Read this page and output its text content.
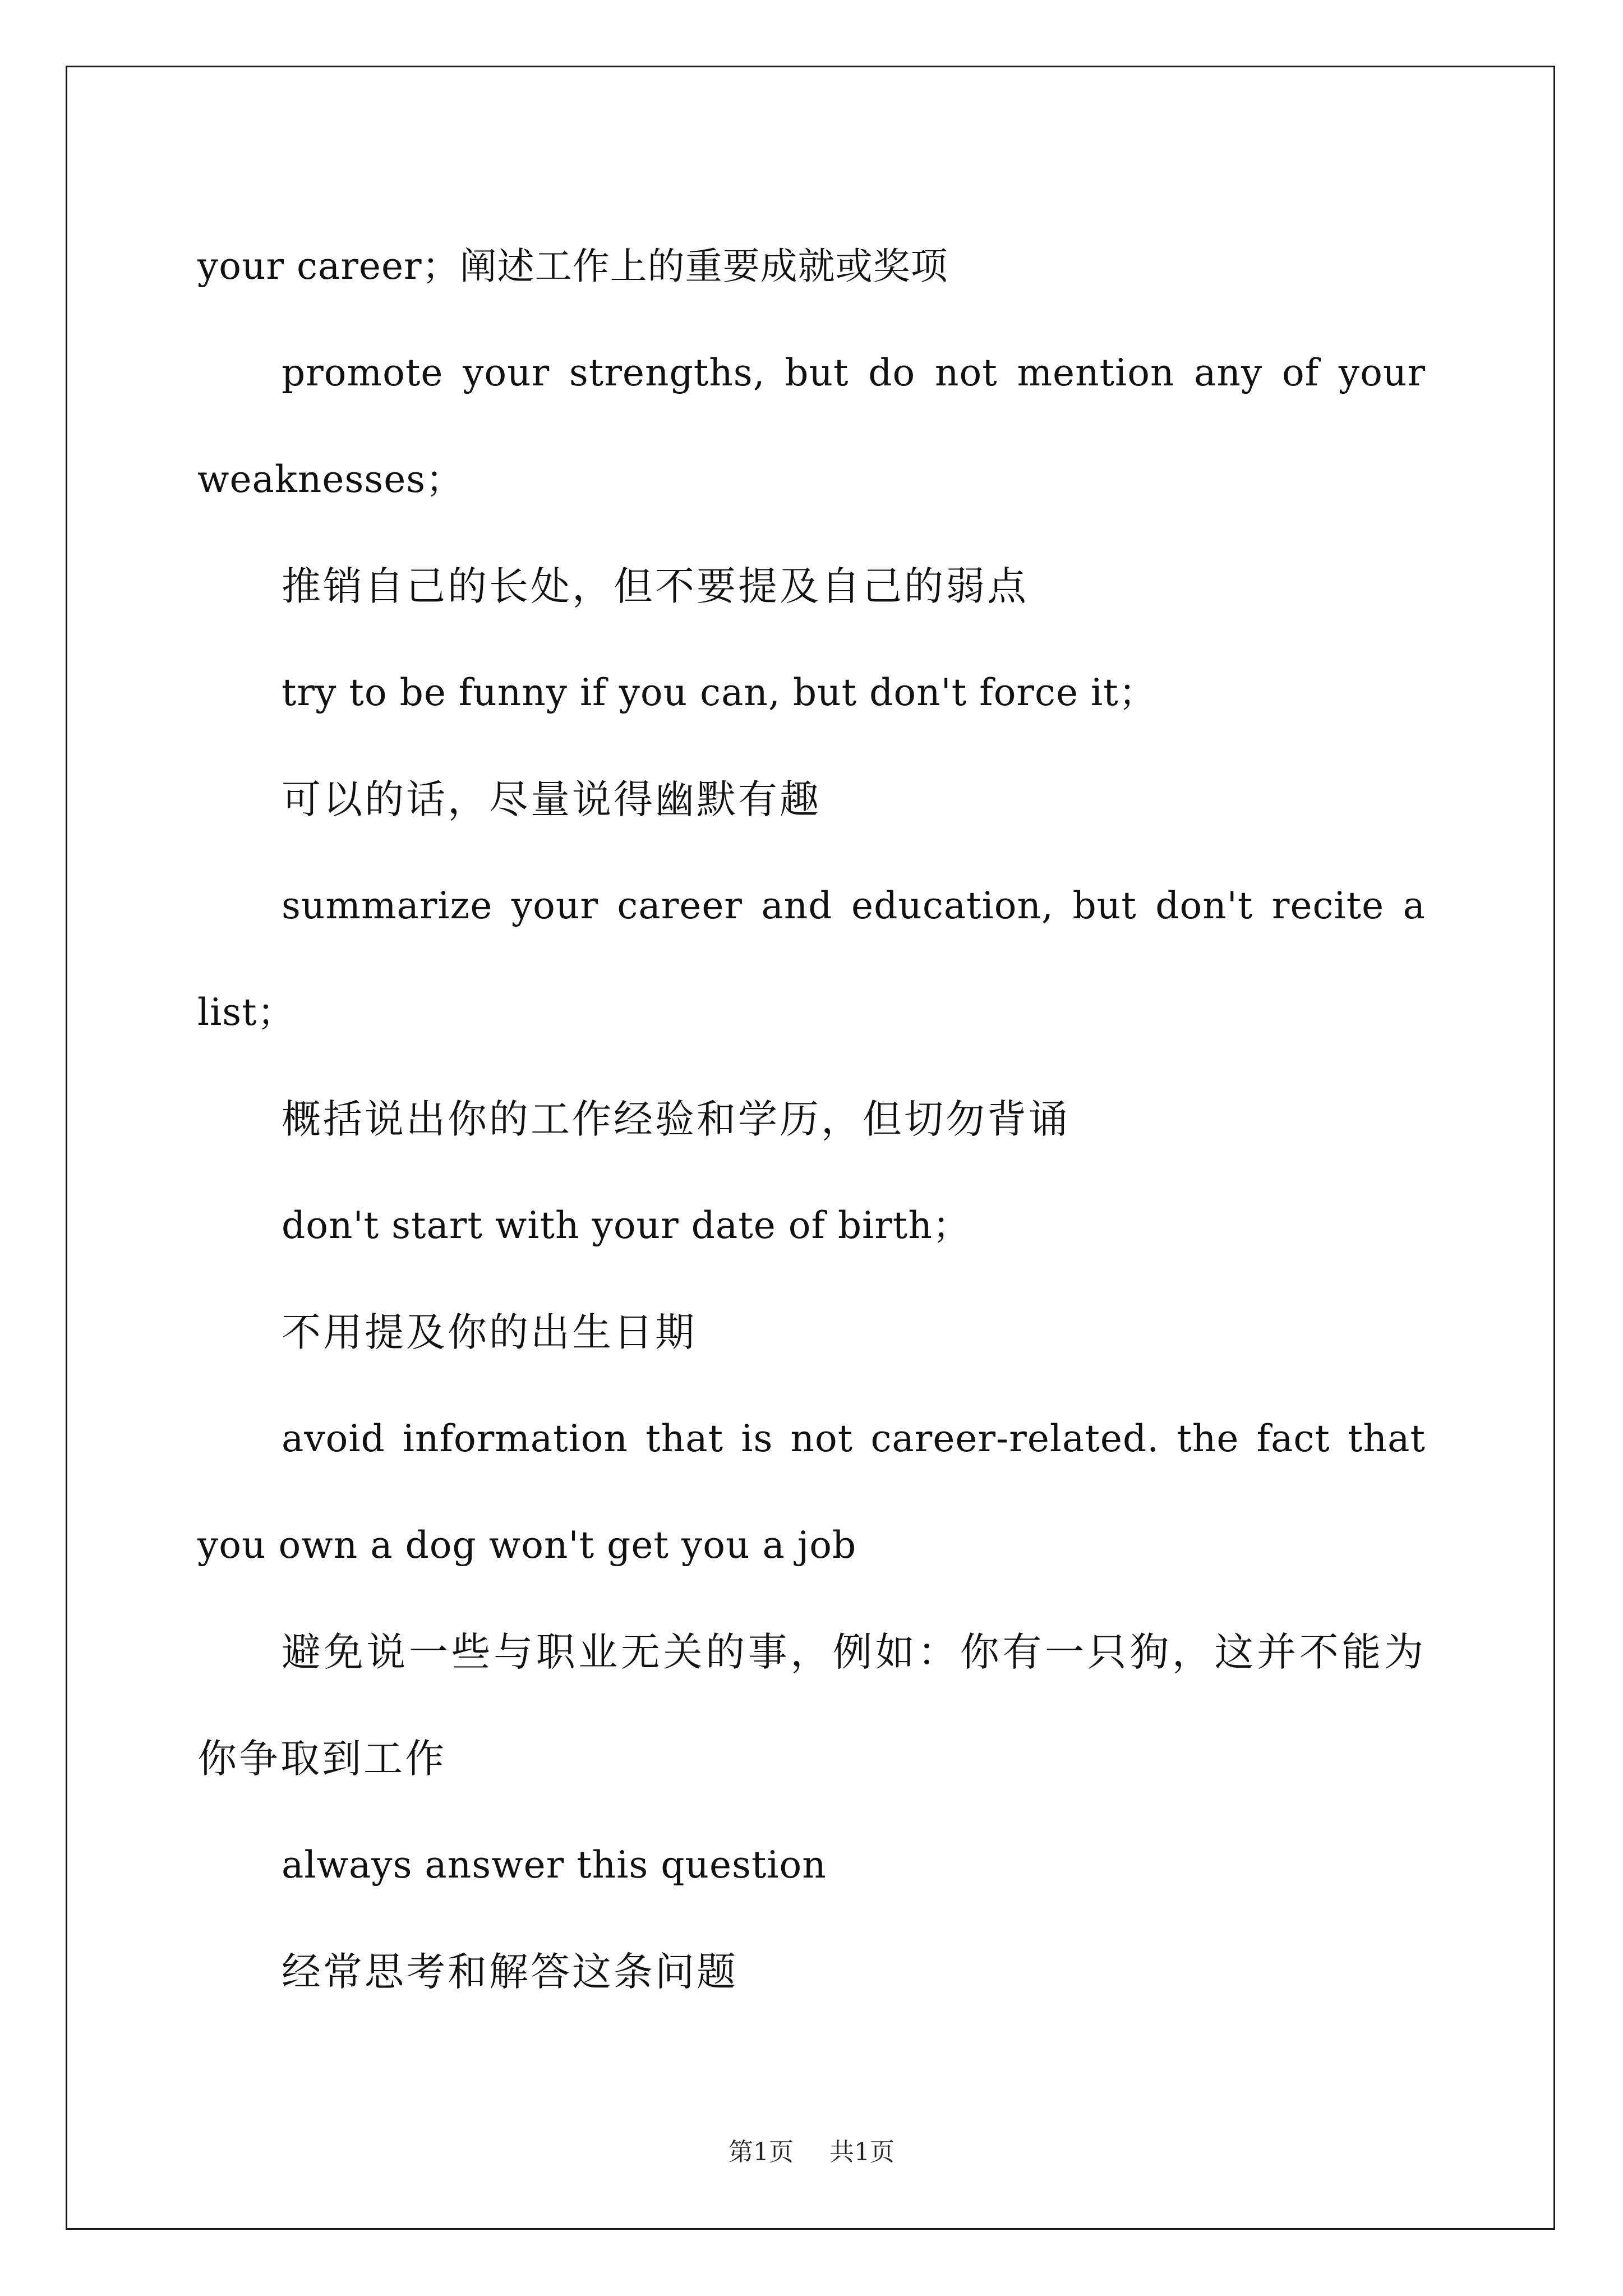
your career；阐述工作上的重要成就或奖项

promote your strengths, but do not mention any of your weaknesses；

推销自己的长处，但不要提及自己的弱点

try to be funny if you can, but don't force it；

可以的话，尽量说得幽默有趣

summarize your career and education, but don't recite a list；

概括说出你的工作经验和学历，但切勿背诵

don't start with your date of birth；

不用提及你的出生日期

avoid information that is not career-related. the fact that you own a dog won't get you a job

避免说一些与职业无关的事，例如：你有一只狗，这并不能为你争取到工作

always answer this question

经常思考和解答这条问题

第1页 共1页
